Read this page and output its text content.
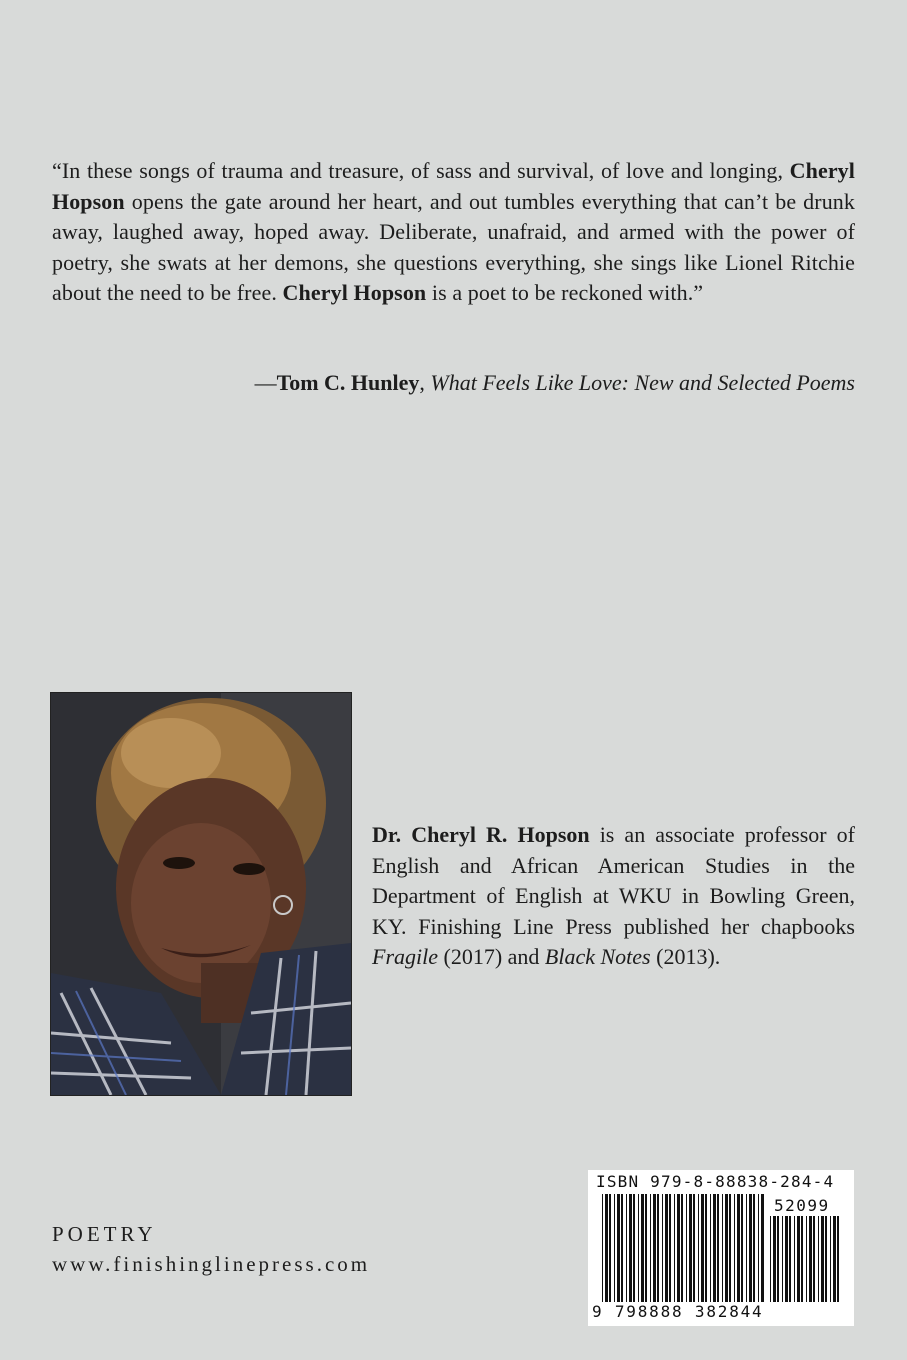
“In these songs of trauma and treasure, of sass and survival, of love and longing, Cheryl Hopson opens the gate around her heart, and out tumbles everything that can’t be drunk away, laughed away, hoped away. Deliberate, unafraid, and armed with the power of poetry, she swats at her demons, she questions everything, she sings like Lionel Ritchie about the need to be free. Cheryl Hopson is a poet to be reckoned with.”
—Tom C. Hunley, What Feels Like Love: New and Selected Poems
Dr. Cheryl R. Hopson is an associate professor of English and African American Studies in the Department of English at WKU in Bowling Green, KY. Finishing Line Press published her chapbooks Fragile (2017) and Black Notes (2013).
POETRY
www.finishinglinepress.com
ISBN 979-8-88838-284-4
52099
9 798888 382844
